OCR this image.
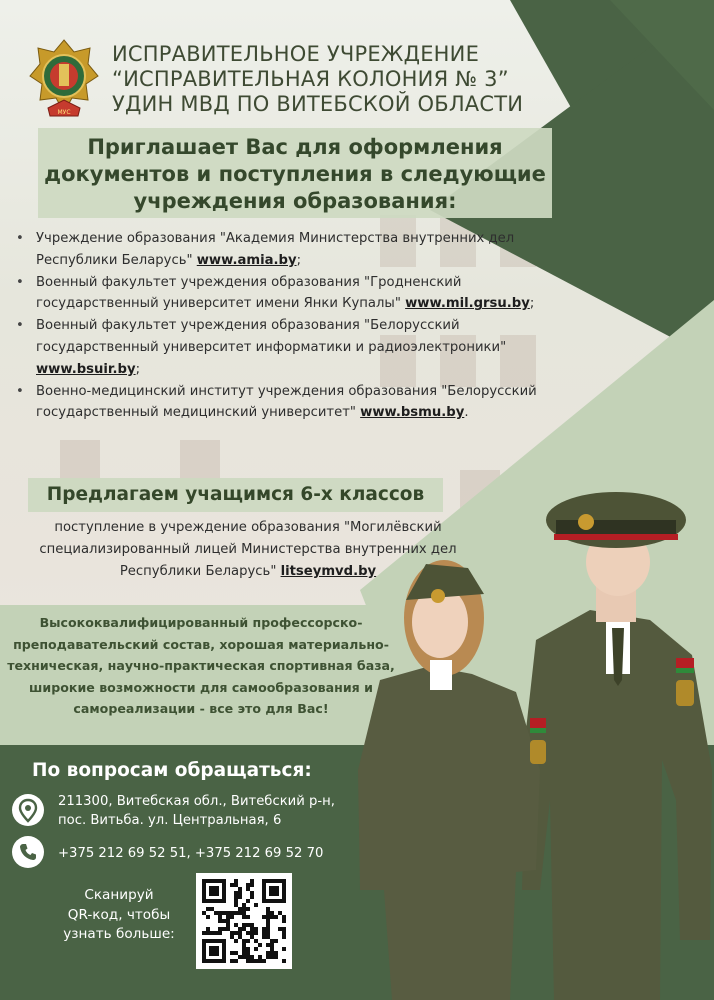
МУС
ИСПРАВИТЕЛЬНОЕ УЧРЕЖДЕНИЕ
“ИСПРАВИТЕЛЬНАЯ КОЛОНИЯ № 3”
УДИН МВД ПО ВИТЕБСКОЙ ОБЛАСТИ
Приглашает Вас для оформления
документов и поступления в следующие
учреждения образования:
• Учреждение образования "Академия Министерства внутренних дел Республики Беларусь" www.amia.by;
• Военный факультет учреждения образования "Гродненский государственный университет имени Янки Купалы" www.mil.grsu.by;
• Военный факультет учреждения образования "Белорусский государственный университет информатики и радиоэлектроники" www.bsuir.by;
• Военно-медицинский институт учреждения образования "Белорусский государственный медицинский университет" www.bsmu.by.
Предлагаем учащимся 6-х классов
поступление в учреждение образования "Могилёвский специализированный лицей Министерства внутренних дел Республики Беларусь" litseymvd.by
Высококвалифицированный профессорско-преподавательский состав, хорошая материально-техническая, научно-практическая спортивная база, широкие возможности для самообразования и самореализации - все это для Вас!
По вопросам обращаться:
211300, Витебская обл., Витебский р-н,
пос. Витьба. ул. Центральная, 6
+375 212 69 52 51, +375 212 69 52 70
Сканируй
QR-код, чтобы
узнать больше:
